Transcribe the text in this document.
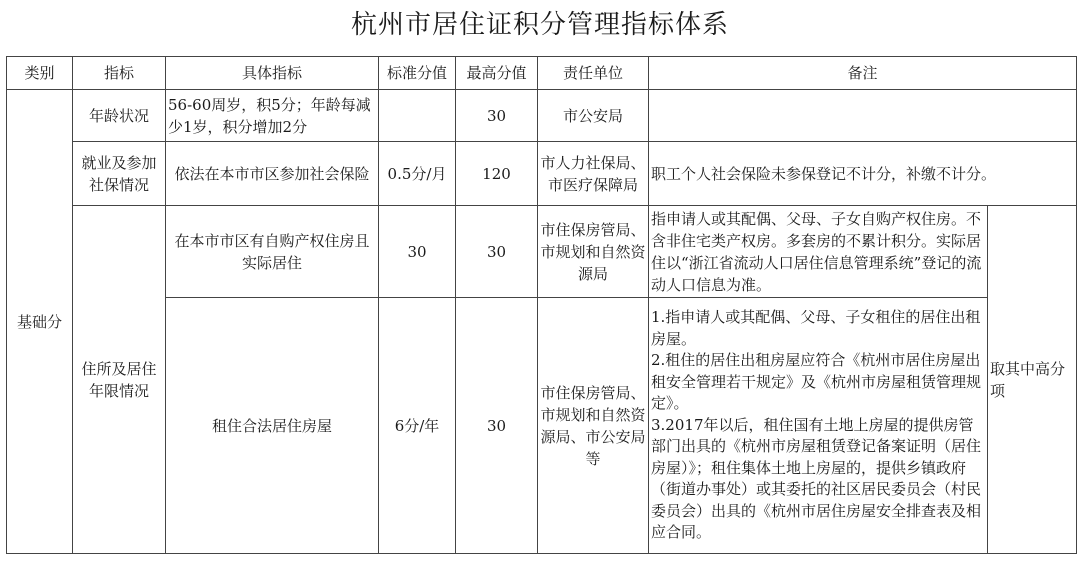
杭州市居住证积分管理指标体系
类别	指标	具体指标	标准分值	最高分值	责任单位	备注	
基础分	年龄状况	56-60周岁，积5分；年龄每减少1岁，积分增加2分		30	市公安局		
	就业及参加社保情况	依法在本市市区参加社会保险	0.5分/月	120	市人力社保局、市医疗保障局	职工个人社会保险未参保登记不计分，补缴不计分。	
	住所及居住年限情况	在本市市区有自购产权住房且实际居住	30	30	市住保房管局、市规划和自然资源局	指申请人或其配偶、父母、子女自购产权住房。不含非住宅类产权房。多套房的不累计积分。实际居住以“浙江省流动人口居住信息管理系统”登记的流动人口信息为准。	取其中高分项
		租住合法居住房屋	6分/年	30	市住保房管局、市规划和自然资源局、市公安局等	1.指申请人或其配偶、父母、子女租住的居住出租房屋。
2.租住的居住出租房屋应符合《杭州市居住房屋出租安全管理若干规定》及《杭州市房屋租赁管理规定》。
3.2017年以后，租住国有土地上房屋的提供房管部门出具的《杭州市房屋租赁登记备案证明（居住房屋）》；租住集体土地上房屋的，提供乡镇政府（街道办事处）或其委托的社区居民委员会（村民委员会）出具的《杭州市居住房屋安全排查表及相应合同。	
